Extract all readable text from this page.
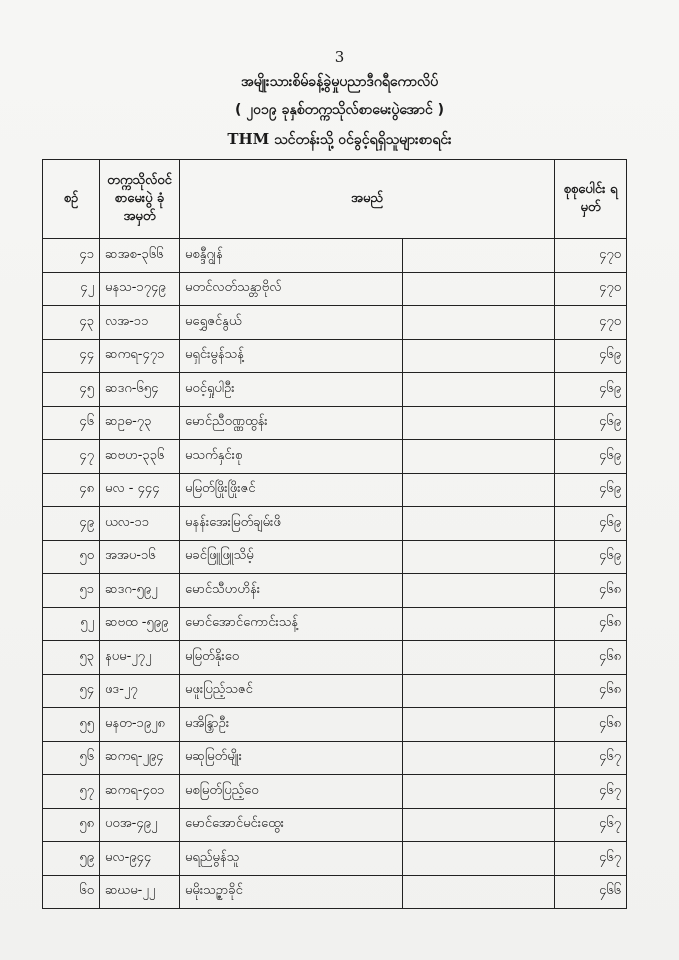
3
အမျိုးသားစိမ်ခန့်ခွဲမှုပညာဒီဂရီကောလိပ်
( ၂၀၁၉ ခုနှစ်တက္ကသိုလ်စာမေးပွဲအောင် )
THM သင်တန်းသို့ ဝင်ခွင့်ရရှိသူများစာရင်း
စဉ်	တက္ကသိုလ်ဝင် စာမေးပွဲ ခုံအမှတ်	အမည်		စုစုပေါင်း ရမှတ်
၄၁	ဆအစ-၃၆၆	မစန္ဒီဂျွန်		၄၇၀
၄၂	မနသ-၁၇၄၉	မတင်လတ်သန္တာဗိုလ်		၄၇၀
၄၃	လအ-၁၁	မရွှေဇင်နွယ်		၄၇၀
၄၄	ဆကရ-၄၇၁	မရှင်းမွန်သန့်		၄၆၉
၄၅	ဆဒဂ-၆၅၄	မဝင့်ရှုပါဦး		၄၆၉
၄၆	ဆဥဓ-၇၃	မောင်ညီဝဏ္ဏထွန်း		၄၆၉
၄၇	ဆဗဟ-၃၃၆	မသက်နှင်းစု		၄၆၉
၄၈	မလ - ၄၄၄	မမြတ်ဖြိုးဖြိုးဇင်		၄၆၉
၄၉	ယလ-၁၁	မနန်းအေးမြတ်ချမ်းဖိ		၄၆၉
၅၀	အအပ-၁၆	မခင်ဖြူဖြူသိမ့်		၄၆၉
၅၁	ဆဒဂ-၅၉၂	မောင်သီဟဟိန်း		၄၆၈
၅၂	ဆဗထ -၅၉၉	မောင်အောင်ကောင်းသန့်		၄၆၈
၅၃	နပမ-၂၇၂	မမြတ်နိုးဝေ		၄၆၈
၅၄	ဖဒ-၂၇	မဖူးပြည့်သဇင်		၄၆၈
၅၅	မနတ-၁၉၂၈	မအိန္ဒြာဦး		၄၆၈
၅၆	ဆကရ-၂၉၄	မဆုမြတ်မျိုး		၄၆၇
၅၇	ဆကရ-၄၀၁	မစမြတ်ပြည့်ဝေ		၄၆၇
၅၈	ပဝအ-၄၉၂	မောင်အောင်မင်းထွေး		၄၆၇
၅၉	မလ-၉၄၄	မရည်မွန်သူ		၄၆၇
၆၀	ဆဃမ-၂၂	မမိုးသဉ္ဇာခိုင်		၄၆၆
